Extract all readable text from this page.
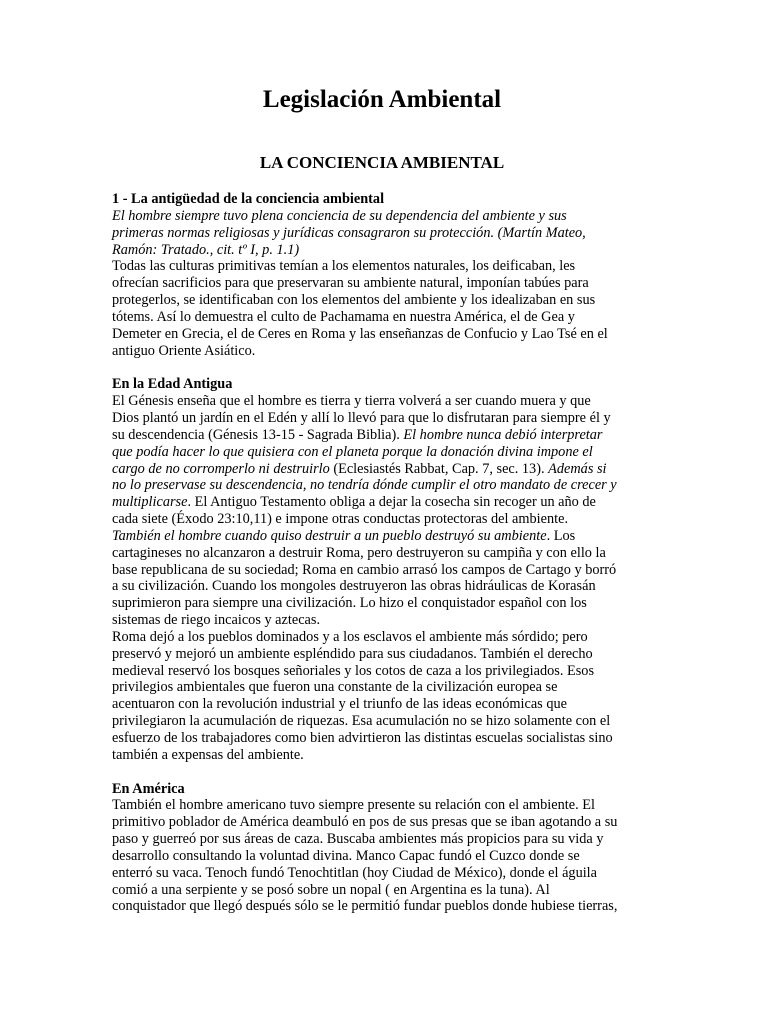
Legislación Ambiental
LA CONCIENCIA AMBIENTAL
1 - La antigüedad de la conciencia ambiental
El hombre siempre tuvo plena conciencia de su dependencia del ambiente y sus
primeras normas religiosas y jurídicas consagraron su protección. (Martín Mateo,
Ramón: Tratado., cit. tº I, p. 1.1)
Todas las culturas primitivas temían a los elementos naturales, los deificaban, les
ofrecían sacrificios para que preservaran su ambiente natural, imponían tabúes para
protegerlos, se identificaban con los elementos del ambiente y los idealizaban en sus
tótems. Así lo demuestra el culto de Pachamama en nuestra América, el de Gea y
Demeter en Grecia, el de Ceres en Roma y las enseñanzas de Confucio y Lao Tsé en el
antiguo Oriente Asiático.
En la Edad Antigua
El Génesis enseña que el hombre es tierra y tierra volverá a ser cuando muera y que
Dios plantó un jardín en el Edén y allí lo llevó para que lo disfrutaran para siempre él y
su descendencia (Génesis 13-15 - Sagrada Biblia). El hombre nunca debió interpretar
que podía hacer lo que quisiera con el planeta porque la donación divina impone el
cargo de no corromperlo ni destruirlo (Eclesiastés Rabbat, Cap. 7, sec. 13). Además si
no lo preservase su descendencia, no tendría dónde cumplir el otro mandato de crecer y
multiplicarse. El Antiguo Testamento obliga a dejar la cosecha sin recoger un año de
cada siete (Éxodo 23:10,11) e impone otras conductas protectoras del ambiente.
También el hombre cuando quiso destruir a un pueblo destruyó su ambiente. Los
cartagineses no alcanzaron a destruir Roma, pero destruyeron su campiña y con ello la
base republicana de su sociedad; Roma en cambio arrasó los campos de Cartago y borró
a su civilización. Cuando los mongoles destruyeron las obras hidráulicas de Korasán
suprimieron para siempre una civilización. Lo hizo el conquistador español con los
sistemas de riego incaicos y aztecas.
Roma dejó a los pueblos dominados y a los esclavos el ambiente más sórdido; pero
preservó y mejoró un ambiente espléndido para sus ciudadanos. También el derecho
medieval reservó los bosques señoriales y los cotos de caza a los privilegiados. Esos
privilegios ambientales que fueron una constante de la civilización europea se
acentuaron con la revolución industrial y el triunfo de las ideas económicas que
privilegiaron la acumulación de riquezas. Esa acumulación no se hizo solamente con el
esfuerzo de los trabajadores como bien advirtieron las distintas escuelas socialistas sino
también a expensas del ambiente.
En América
También el hombre americano tuvo siempre presente su relación con el ambiente. El
primitivo poblador de América deambuló en pos de sus presas que se iban agotando a su
paso y guerreó por sus áreas de caza. Buscaba ambientes más propicios para su vida y
desarrollo consultando la voluntad divina. Manco Capac fundó el Cuzco donde se
enterró su vaca. Tenoch fundó Tenochtitlan (hoy Ciudad de México), donde el águila
comió a una serpiente y se posó sobre un nopal ( en Argentina es la tuna). Al
conquistador que llegó después sólo se le permitió fundar pueblos donde hubiese tierras,
